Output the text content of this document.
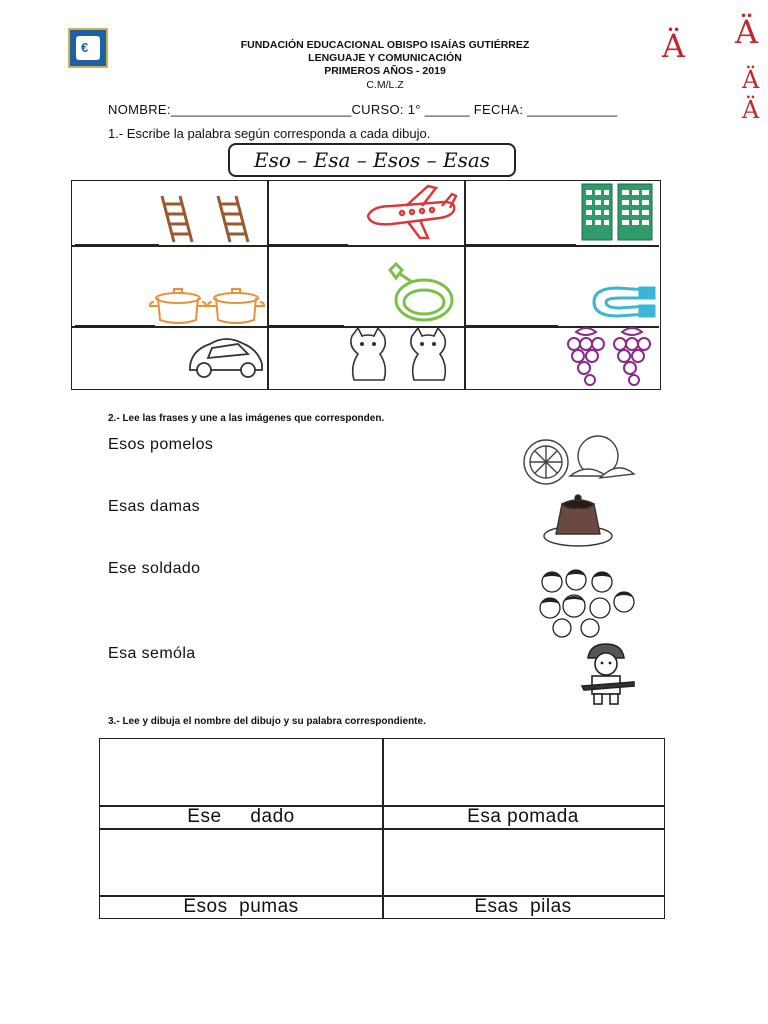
€	FUNDACIÓN EDUCACIONAL OBISPO ISAÍAS GUTIÉRREZ
LENGUAJE Y COMUNICACIÓN
PRIMEROS AÑOS - 2019
C.M/L.Z
Ä Ä
Ä
Ä
NOMBRE:________________________CURSO: 1° ______ FECHA: ____________
1.- Escribe la palabra según corresponda a cada dibujo.
Eso – Esa – Esos – Esas
2.- Lee las frases y une a las imágenes que corresponden.
Esos pomelos
Esas damas
Ese soldado
Esa semóla
3.- Lee y dibuja el nombre del dibujo y su palabra correspondiente.
Ese     dado	Esa pomada
Esos  pumas	Esas  pilas
